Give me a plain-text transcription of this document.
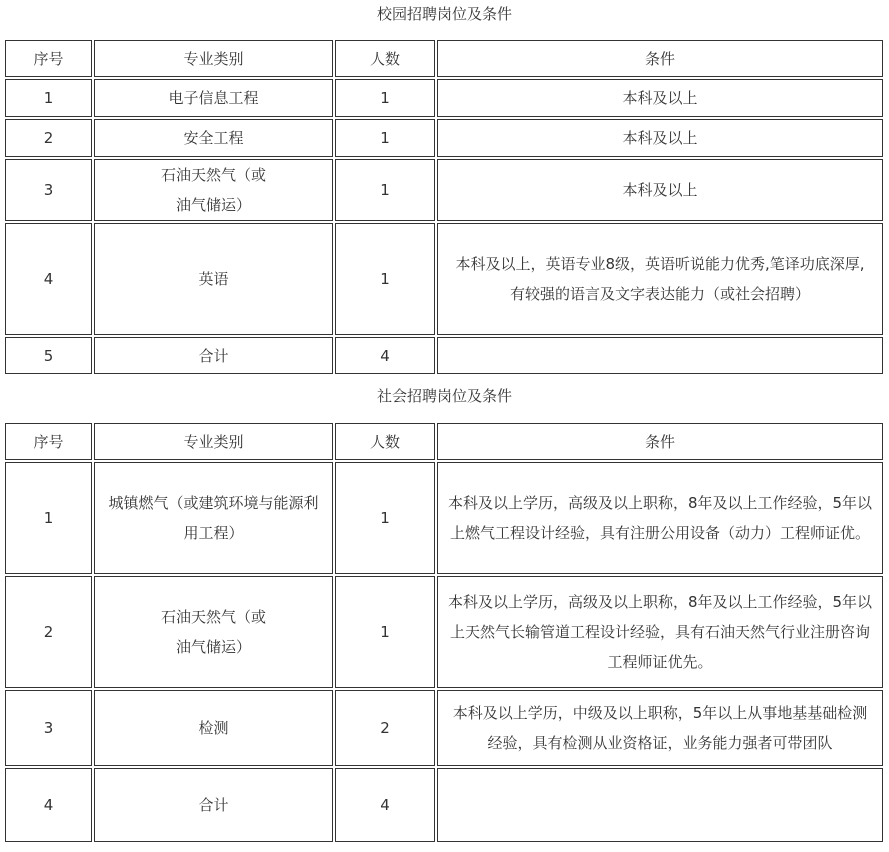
校园招聘岗位及条件
序号	专业类别	人数	条件
1	电子信息工程	1	本科及以上
2	安全工程	1	本科及以上
3	石油天然气（或油气储运）	1	本科及以上
4	英语	1	本科及以上，英语专业8级，英语听说能力优秀,笔译功底深厚,有较强的语言及文字表达能力（或社会招聘）
5	合计	4	
社会招聘岗位及条件
序号	专业类别	人数	条件
1	城镇燃气（或建筑环境与能源利用工程）	1	本科及以上学历，高级及以上职称，8年及以上工作经验，5年以上燃气工程设计经验，具有注册公用设备（动力）工程师证优。
2	石油天然气（或油气储运）	1	本科及以上学历，高级及以上职称，8年及以上工作经验，5年以上天然气长输管道工程设计经验，具有石油天然气行业注册咨询工程师证优先。
3	检测	2	本科及以上学历，中级及以上职称，5年以上从事地基基础检测经验，具有检测从业资格证，业务能力强者可带团队
4	合计	4	
